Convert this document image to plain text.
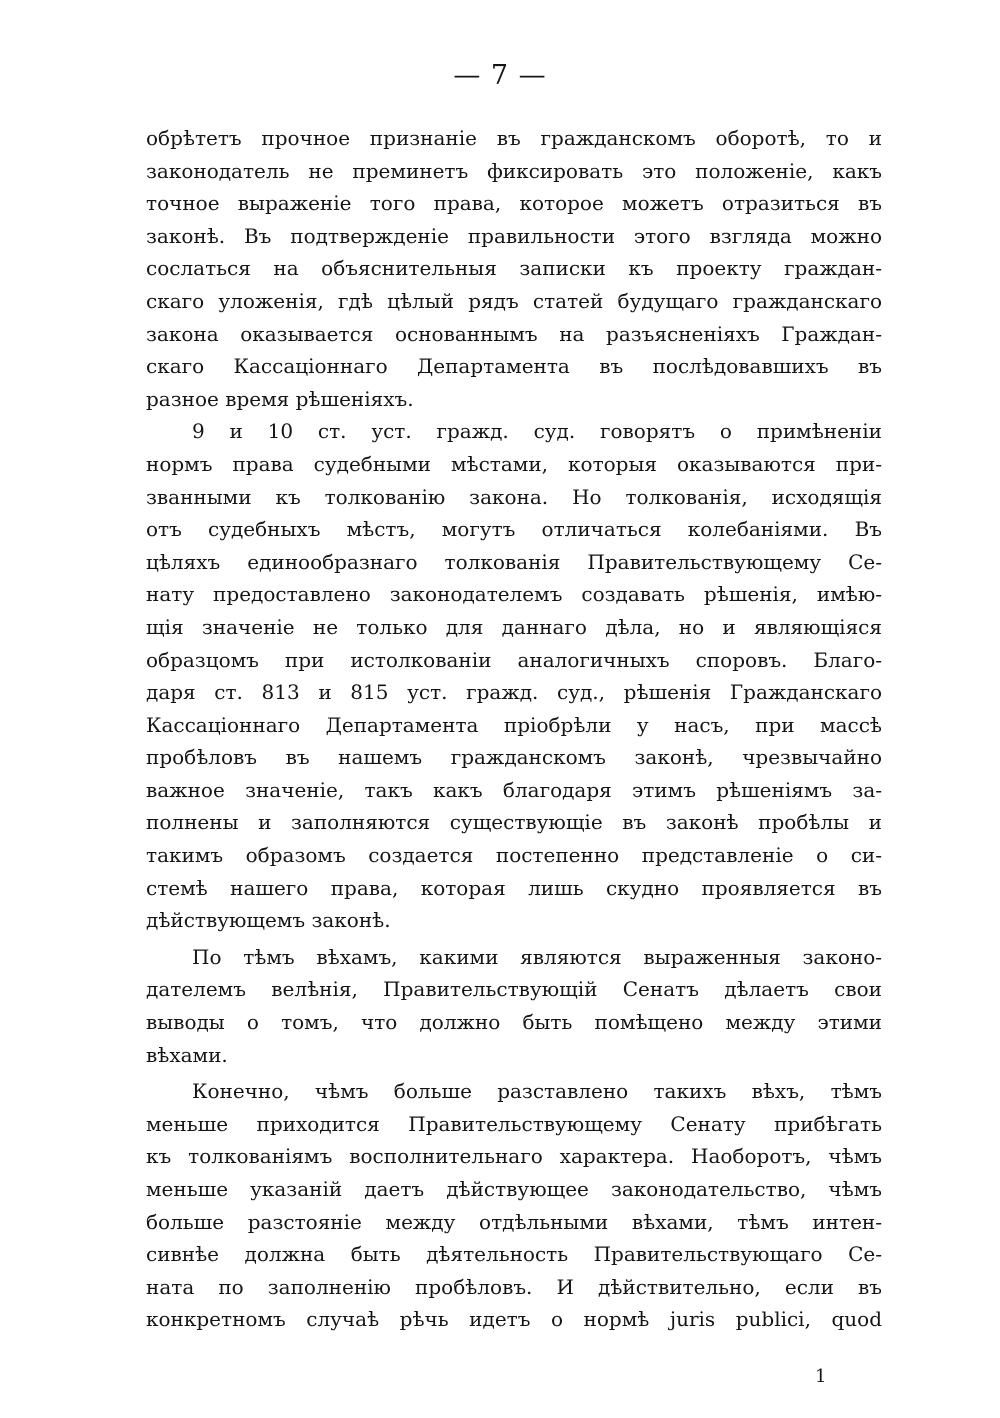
— 7 —
обрѣтетъ прочное признаніе въ гражданскомъ оборотѣ, то и
законодатель не преминетъ фиксировать это положеніе, какъ
точное выраженіе того права, которое можетъ отразиться въ
законѣ. Въ подтвержденіе правильности этого взгляда можно
сослаться на объяснительныя записки къ проекту граждан-
скаго уложенія, гдѣ цѣлый рядъ статей будущаго гражданскаго
закона оказывается основаннымъ на разъясненіяхъ Граждан-
скаго Кассаціоннаго Департамента въ послѣдовавшихъ въ
разное время рѣшеніяхъ.
9 и 10 ст. уст. гражд. суд. говорятъ о примѣненіи
нормъ права судебными мѣстами, которыя оказываются при-
званными къ толкованію закона. Но толкованія, исходящія
отъ судебныхъ мѣстъ, могутъ отличаться колебаніями. Въ
цѣляхъ единообразнаго толкованія Правительствующему Се-
нату предоставлено законодателемъ создавать рѣшенія, имѣю-
щія значеніе не только для даннаго дѣла, но и являющіяся
образцомъ при истолкованіи аналогичныхъ споровъ. Благо-
даря ст. 813 и 815 уст. гражд. суд., рѣшенія Гражданскаго
Кассаціоннаго Департамента пріобрѣли у насъ, при массѣ
пробѣловъ въ нашемъ гражданскомъ законѣ, чрезвычайно
важное значеніе, такъ какъ благодаря этимъ рѣшеніямъ за-
полнены и заполняются существующіе въ законѣ пробѣлы и
такимъ образомъ создается постепенно представленіе о си-
стемѣ нашего права, которая лишь скудно проявляется въ
дѣйствующемъ законѣ.
По тѣмъ вѣхамъ, какими являются выраженныя законо-
дателемъ велѣнія, Правительствующій Сенатъ дѣлаетъ свои
выводы о томъ, что должно быть помѣщено между этими
вѣхами.
Конечно, чѣмъ больше разставлено такихъ вѣхъ, тѣмъ
меньше приходится Правительствующему Сенату прибѣгать
къ толкованіямъ восполнительнаго характера. Наоборотъ, чѣмъ
меньше указаній даетъ дѣйствующее законодательство, чѣмъ
больше разстояніе между отдѣльными вѣхами, тѣмъ интен-
сивнѣе должна быть дѣятельность Правительствующаго Се-
ната по заполненію пробѣловъ. И дѣйствительно, если въ
конкретномъ случаѣ рѣчь идетъ о нормѣ juris publici, quod
1
